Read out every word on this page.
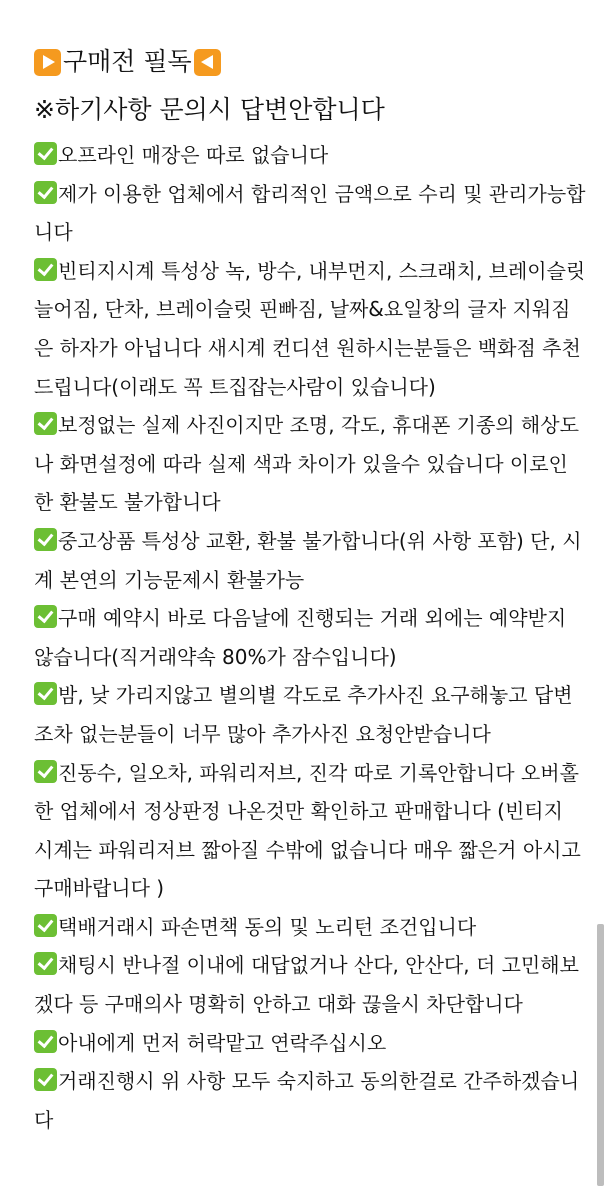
구매전 필독
※하기사항 문의시 답변안합니다

오프라인 매장은 따로 없습니다

제가 이용한 업체에서 합리적인 금액으로 수리 및 관리가능합니다

빈티지시계 특성상 녹, 방수, 내부먼지, 스크래치, 브레이슬릿 늘어짐, 단차, 브레이슬릿 핀빠짐, 날짜&요일창의 글자 지워짐은 하자가 아닙니다 새시계 컨디션 원하시는분들은 백화점 추천드립니다(이래도 꼭 트집잡는사람이 있습니다)

보정없는 실제 사진이지만 조명, 각도, 휴대폰 기종의 해상도나 화면설정에 따라 실제 색과 차이가 있을수 있습니다 이로인한 환불도 불가합니다

중고상품 특성상 교환, 환불 불가합니다(위 사항 포함) 단, 시계 본연의 기능문제시 환불가능

구매 예약시 바로 다음날에 진행되는 거래 외에는 예약받지 않습니다(직거래약속 80%가 잠수입니다)

밤, 낮 가리지않고 별의별 각도로 추가사진 요구해놓고 답변조차 없는분들이 너무 많아 추가사진 요청안받습니다

진동수, 일오차, 파워리저브, 진각 따로 기록안합니다 오버홀한 업체에서 정상판정 나온것만 확인하고 판매합니다 (빈티지 시계는 파워리저브 짧아질 수밖에 없습니다 매우 짧은거 아시고 구매바랍니다 )

택배거래시 파손면책 동의 및 노리턴 조건입니다

채팅시 반나절 이내에 대답없거나 산다, 안산다, 더 고민해보겠다 등 구매의사 명확히 안하고 대화 끊을시 차단합니다

아내에게 먼저 허락맡고 연락주십시오

거래진행시 위 사항 모두 숙지하고 동의한걸로 간주하겠습니다
